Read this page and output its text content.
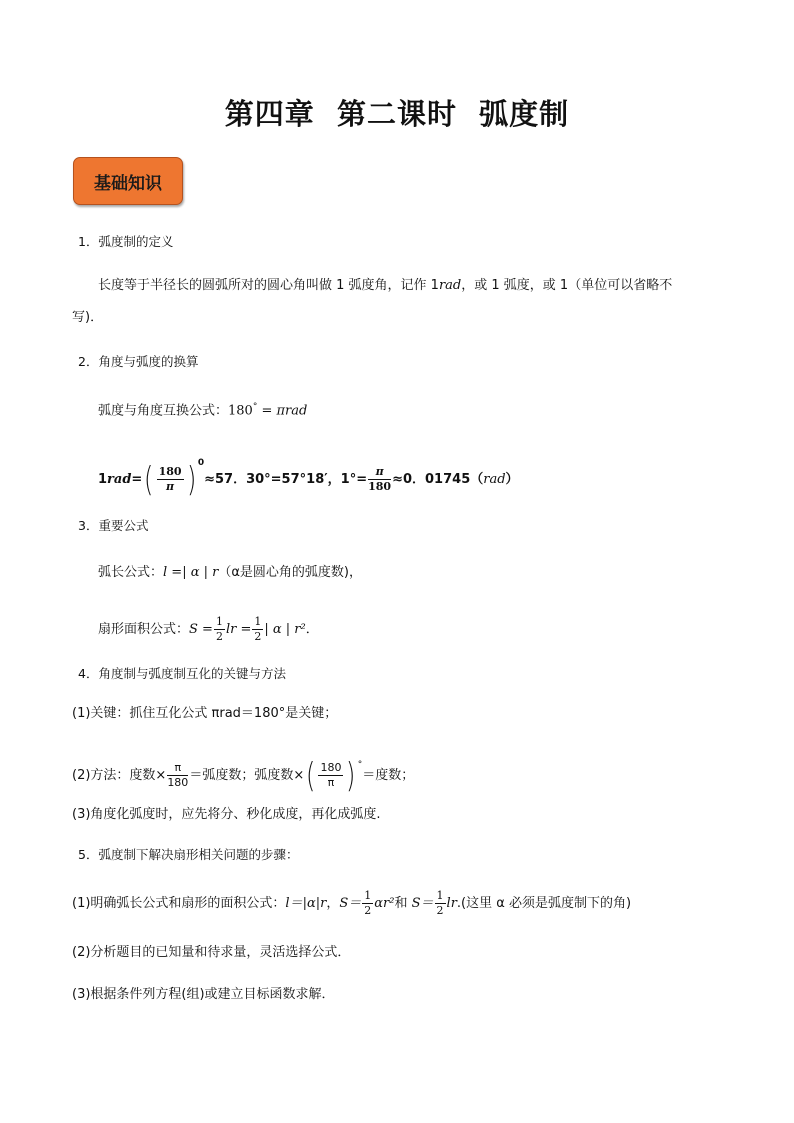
第四章  第二课时  弧度制
基础知识
1．弧度制的定义
长度等于半径长的圆弧所对的圆心角叫做 1 弧度角，记作 1rad，或 1 弧度，或 1（单位可以省略不
写)．
2．角度与弧度的换算
弧度与角度互换公式：180° = πrad
$1rad=( \frac{180}{\pi}$ ) $^0$≈57．30°=57°18′，$1^\circ= \frac{\pi}{180} \approx 0$．01745（rad）
3．重要公式
弧长公式：l =| α | r（α是圆心角的弧度数)，
扇形面积公式：$S = \frac{1}{2}$ lr = $\frac{1}{2}$ | α | r²．
4．角度制与弧度制互化的关键与方法
(1)关键：抓住互化公式 πrad＝180°是关键；
(2)方法：度数× $\frac{\pi}{180}$ ＝弧度数；弧度数×( $\frac{180}{\pi}$ ) °＝度数；
(3)角度化弧度时，应先将分、秒化成度，再化成弧度.
5．弧度制下解决扇形相关问题的步骤：
(1)明确弧长公式和扇形的面积公式：l＝|α|r，$S= \frac{1}{2} \alpha r^2$和 $S= \frac{1}{2} lr$.(这里 α 必须是弧度制下的角)
(2)分析题目的已知量和待求量，灵活选择公式．
(3)根据条件列方程(组)或建立目标函数求解．
